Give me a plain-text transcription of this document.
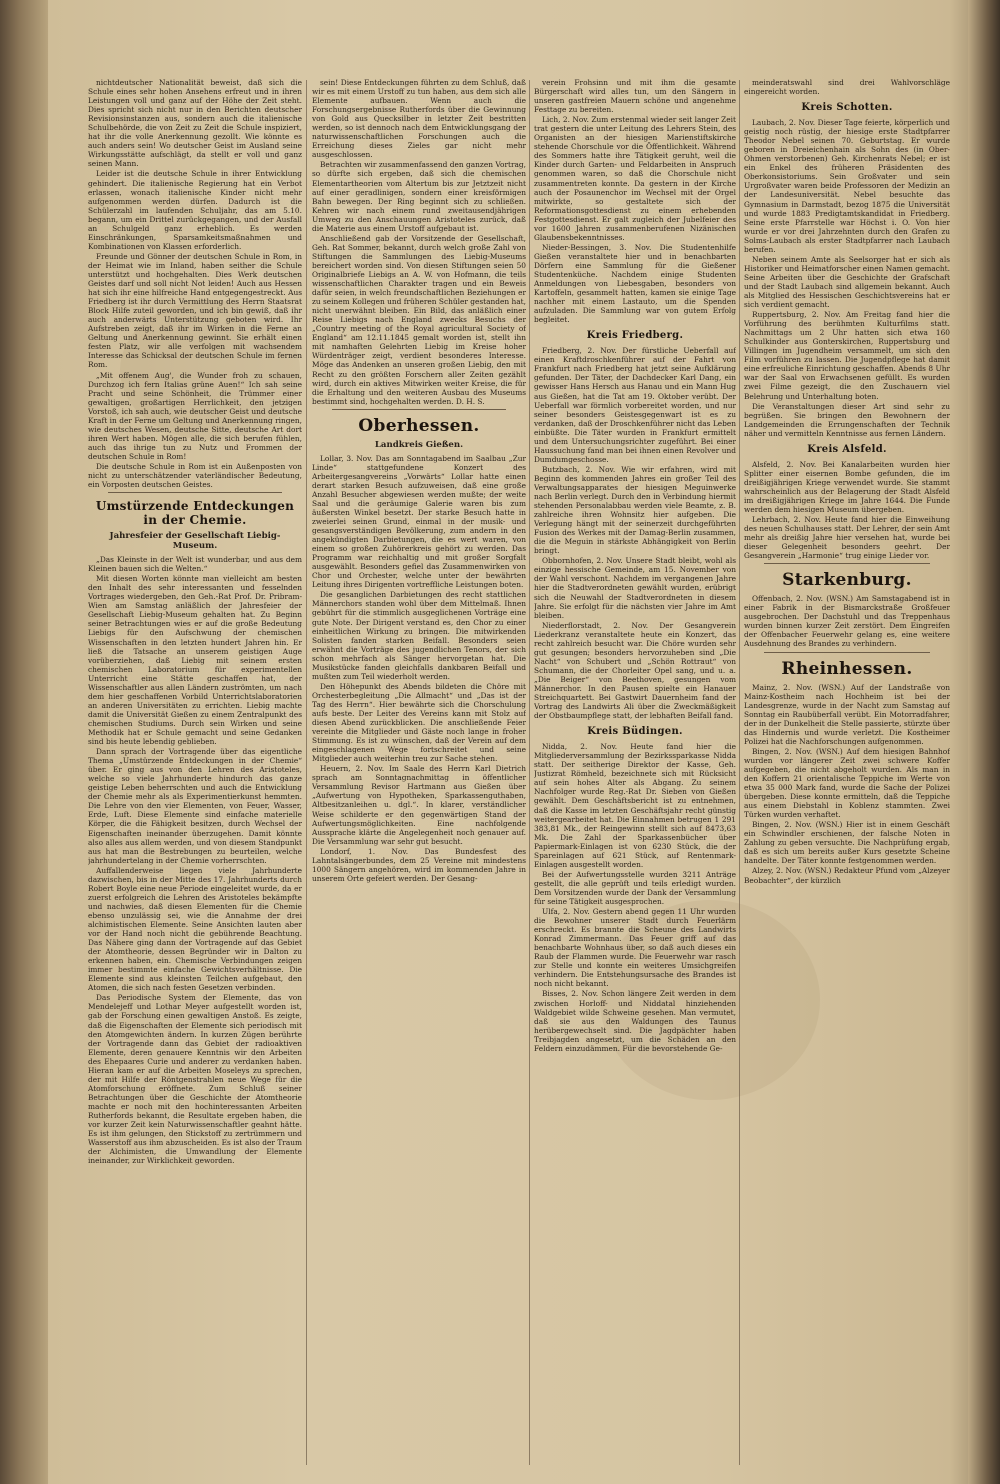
nichtdeutscher Nationalität beweist, daß sich die Schule eines sehr hohen Ansehens erfreut und in ihren Leistungen voll und ganz auf der Höhe der Zeit steht. Dies spricht sich nicht nur in den Berichten deutscher Revisionsinstanzen aus, sondern auch die italienische Schulbehörde, die von Zeit zu Zeit die Schule inspiziert, hat ihr die volle Anerkennung gezollt. Wie könnte es auch anders sein! Wo deutscher Geist im Ausland seine Wirkungsstätte aufschlägt, da stellt er voll und ganz seinen Mann.

Leider ist die deutsche Schule in ihrer Entwicklung gehindert. Die italienische Regierung hat ein Verbot erlassen, wonach italienische Kinder nicht mehr aufgenommen werden dürfen. Dadurch ist die Schülerzahl im laufenden Schuljahr, das am 5.10. begann, um ein Drittel zurückgegangen, und der Ausfall an Schulgeld ganz erheblich. Es werden Einschränkungen, Sparsamkeitsmaßnahmen und Kombinationen von Klassen erforderlich.

Freunde und Gönner der deutschen Schule in Rom, in der Heimat wie im Inland, haben seither die Schule unterstützt und hochgehalten. Dies Werk deutschen Geistes darf und soll nicht Not leiden! Auch aus Hessen hat sich ihr eine hilfreiche Hand entgegengestreckt. Aus Friedberg ist ihr durch Vermittlung des Herrn Staatsrat Block Hilfe zuteil geworden, und ich bin gewiß, daß ihr auch anderwärts Unterstützung geboten wird. Ihr Aufstreben zeigt, daß ihr im Wirken in die Ferne an Geltung und Anerkennung gewinnt. Sie erhält einen festen Platz, wir alle verfolgen mit wachsendem Interesse das Schicksal der deutschen Schule im fernen Rom.

„Mit offenem Aug', die Wunder froh zu schauen, Durchzog ich fern Italias grüne Auen!“ Ich sah seine Pracht und seine Schönheit, die Trümmer einer gewaltigen, großartigen Herrlichkeit, den jetzigen Vorstoß, ich sah auch, wie deutscher Geist und deutsche Kraft in der Ferne um Geltung und Anerkennung ringen, wie deutsches Wesen, deutsche Sitte, deutsche Art dort ihren Wert haben. Mögen alle, die sich berufen fühlen, auch das ihrige tun zu Nutz und Frommen der deutschen Schule in Rom!

Die deutsche Schule in Rom ist ein Außenposten von nicht zu unterschätzender vaterländischer Bedeutung, ein Vorposten deutschen Geistes.

Umstürzende Entdeckungen in der Chemie.
Jahresfeier der Gesellschaft Liebig-Museum.

„Das Kleinste in der Welt ist wunderbar, und aus dem Kleinen bauen sich die Welten.“

Mit diesen Worten könnte man vielleicht am besten den Inhalt des sehr interessanten und fesselnden Vortrages wiedergeben, den Geh.-Rat Prof. Dr. Pribram-Wien am Samstag anläßlich der Jahresfeier der Gesellschaft Liebig-Museum gehalten hat. Zu Beginn seiner Betrachtungen wies er auf die große Bedeutung Liebigs für den Aufschwung der chemischen Wissenschaften in den letzten hundert Jahren hin. Er ließ die Tatsache an unserem geistigen Auge vorüberziehen, daß Liebig mit seinem ersten chemischen Laboratorium für experimentellen Unterricht eine Stätte geschaffen hat, der Wissenschaftler aus allen Ländern zuströmten, um nach dem hier geschaffenen Vorbild Unterrichtslaboratorien an anderen Universitäten zu errichten. Liebig machte damit die Universität Gießen zu einem Zentralpunkt des chemischen Studiums. Durch sein Wirken und seine Methodik hat er Schule gemacht und seine Gedanken sind bis heute lebendig geblieben.

Dann sprach der Vortragende über das eigentliche Thema „Umstürzende Entdeckungen in der Chemie“ über. Er ging aus von den Lehren des Aristoteles, welche so viele Jahrhunderte hindurch das ganze geistige Leben beherrschten und auch die Entwicklung der Chemie mehr als als Experimentierkunst hemmten. Die Lehre von den vier Elementen, von Feuer, Wasser, Erde, Luft. Diese Elemente sind einfache materielle Körper, die die Fähigkeit besitzen, durch Wechsel der Eigenschaften ineinander überzugehen. Damit könnte also alles aus allem werden, und von diesem Standpunkt aus hat man die Bestrebungen zu beurteilen, welche jahrhundertelang in der Chemie vorherrschten.

Auffallenderweise liegen viele Jahrhunderte dazwischen, bis in der Mitte des 17. Jahrhunderts durch Robert Boyle eine neue Periode eingeleitet wurde, da er zuerst erfolgreich die Lehren des Aristoteles bekämpfte und nachwies, daß diesen Elementen für die Chemie ebenso unzulässig sei, wie die Annahme der drei alchimistischen Elemente. Seine Ansichten lauten aber vor der Hand noch nicht die gebührende Beachtung. Das Nähere ging dann der Vortragende auf das Gebiet der Atomtheorie, dessen Begründer wir in Dalton zu erkennen haben, ein. Chemische Verbindungen zeigen immer bestimmte einfache Gewichtsverhältnisse. Die Elemente sind aus kleinsten Teilchen aufgebaut, den Atomen, die sich nach festen Gesetzen verbinden.

Das Periodische System der Elemente, das von Mendelejeff und Lothar Meyer aufgestellt worden ist, gab der Forschung einen gewaltigen Anstoß. Es zeigte, daß die Eigenschaften der Elemente sich periodisch mit den Atomgewichten ändern. In kurzen Zügen berührte der Vortragende dann das Gebiet der radioaktiven Elemente, deren genauere Kenntnis wir den Arbeiten des Ehepaares Curie und anderer zu verdanken haben. Hieran kam er auf die Arbeiten Moseleys zu sprechen, der mit Hilfe der Röntgenstrahlen neue Wege für die Atomforschung eröffnete. Zum Schluß seiner Betrachtungen über die Geschichte der Atomtheorie machte er noch mit den hochinteressanten Arbeiten Rutherfords bekannt, die Resultate ergeben haben, die vor kurzer Zeit kein Naturwissenschaftler geahnt hätte. Es ist ihm gelungen, den Stickstoff zu zertrümmern und Wasserstoff aus ihm abzuscheiden. Es ist also der Traum der Alchimisten, die Umwandlung der Elemente ineinander, zur Wirklichkeit geworden.

sein! Diese Entdeckungen führten zu dem Schluß, daß wir es mit einem Urstoff zu tun haben, aus dem sich alle Elemente aufbauen. Wenn auch die Forschungsergebnisse Rutherfords über die Gewinnung von Gold aus Quecksilber in letzter Zeit bestritten werden, so ist dennoch nach dem Entwicklungsgang der naturwissenschaftlichen Forschungen auch die Erreichung dieses Zieles gar nicht mehr ausgeschlossen.

Betrachten wir zusammenfassend den ganzen Vortrag, so dürfte sich ergeben, daß sich die chemischen Elementartheorien vom Altertum bis zur Jetztzeit nicht auf einer geradlinigen, sondern einer kreisförmigen Bahn bewegen. Der Ring beginnt sich zu schließen. Kehren wir nach einem rund zweitausendjährigen Umweg zu den Anschauungen Aristoteles zurück, daß die Materie aus einem Urstoff aufgebaut ist.

Anschließend gab der Vorsitzende der Gesellschaft, Geh. Rat Sommer, bekannt, durch welch große Zahl von Stiftungen die Sammlungen des Liebig-Museums bereichert worden sind. Von diesen Stiftungen seien 50 Originalbriefe Liebigs an A. W. von Hofmann, die teils wissenschaftlichen Charakter tragen und ein Beweis dafür seien, in welch freundschaftlichen Beziehungen er zu seinem Kollegen und früheren Schüler gestanden hat, nicht unerwähnt bleiben. Ein Bild, das anläßlich einer Reise Liebigs nach England zwecks Besuchs der „Country meeting of the Royal agricultural Society of England“ am 12.11.1845 gemalt worden ist, stellt ihn mit namhaften Gelehrten Liebig im Kreise hoher Würdenträger zeigt, verdient besonderes Interesse. Möge das Andenken an unseren großen Liebig, den mit Recht zu den größten Forschern aller Zeiten gezählt wird, durch ein aktives Mitwirken weiter Kreise, die für die Erhaltung und den weiteren Ausbau des Museums bestimmt sind, hochgehalten werden. D. H. S.

Oberhessen.
Landkreis Gießen.

Lollar, 3. Nov. Das am Sonntagabend im Saalbau „Zur Linde“ stattgefundene Konzert des Arbeitergesangvereins „Vorwärts“ Lollar hatte einen derart starken Besuch aufzuweisen, daß eine große Anzahl Besucher abgewiesen werden mußte; der weite Saal und die geräumige Galerie waren bis zum äußersten Winkel besetzt. Der starke Besuch hatte in zweierlei seinen Grund, einmal in der musik- und gesangsverständigen Bevölkerung, zum andern in den angekündigten Darbietungen, die es wert waren, von einem so großen Zuhörerkreis gehört zu werden. Das Programm war reichhaltig und mit großer Sorgfalt ausgewählt. Besonders gefiel das Zusammenwirken von Chor und Orchester, welche unter der bewährten Leitung ihres Dirigenten vortreffliche Leistungen boten.

Die gesanglichen Darbietungen des recht stattlichen Männerchors standen wohl über dem Mittelmaß. Ihnen gebührt für die stimmlich ausgeglichenen Vorträge eine gute Note. Der Dirigent verstand es, den Chor zu einer einheitlichen Wirkung zu bringen. Die mitwirkenden Solisten fanden starken Beifall. Besonders seien erwähnt die Vorträge des jugendlichen Tenors, der sich schon mehrfach als Sänger hervorgetan hat. Die Musikstücke fanden gleichfalls dankbaren Beifall und mußten zum Teil wiederholt werden.

Den Höhepunkt des Abends bildeten die Chöre mit Orchesterbegleitung „Die Allmacht“ und „Das ist der Tag des Herrn“. Hier bewährte sich die Chorschulung aufs beste. Der Leiter des Vereins kann mit Stolz auf diesen Abend zurückblicken. Die anschließende Feier vereinte die Mitglieder und Gäste noch lange in froher Stimmung. Es ist zu wünschen, daß der Verein auf dem eingeschlagenen Wege fortschreitet und seine Mitglieder auch weiterhin treu zur Sache stehen.

Heuern, 2. Nov. Im Saale des Herrn Karl Dietrich sprach am Sonntagnachmittag in öffentlicher Versammlung Revisor Hartmann aus Gießen über „Aufwertung von Hypotheken, Sparkassenguthaben, Altbesitzanleihen u. dgl.“. In klarer, verständlicher Weise schilderte er den gegenwärtigen Stand der Aufwertungsmöglichkeiten. Eine nachfolgende Aussprache klärte die Angelegenheit noch genauer auf. Die Versammlung war sehr gut besucht.

Londorf, 1. Nov. Das Bundesfest des Lahntalsängerbundes, dem 25 Vereine mit mindestens 1000 Sängern angehören, wird im kommenden Jahre in unserem Orte gefeiert werden. Der Gesang-

verein Frohsinn und mit ihm die gesamte Bürgerschaft wird alles tun, um den Sängern in unseren gastfreien Mauern schöne und angenehme Festtage zu bereiten.

Lich, 2. Nov. Zum erstenmal wieder seit langer Zeit trat gestern die unter Leitung des Lehrers Stein, des Organisten an der hiesigen Marienstiftskirche stehende Chorschule vor die Öffentlichkeit. Während des Sommers hatte ihre Tätigkeit geruht, weil die Kinder durch Garten- und Feldarbeiten in Anspruch genommen waren, so daß die Chorschule nicht zusammentreten konnte. Da gestern in der Kirche auch der Posaunenchor im Wechsel mit der Orgel mitwirkte, so gestaltete sich der Reformationsgottesdienst zu einem erhebenden Festgottesdienst. Er galt zugleich der Jubelfeier des vor 1600 Jahren zusammenberufenen Nizänischen Glaubensbekenntnisses.

Nieder-Bessingen, 3. Nov. Die Studentenhilfe Gießen veranstaltete hier und in benachbarten Dörfern eine Sammlung für die Gießener Studentenküche. Nachdem einige Studenten Anmeldungen von Liebesgaben, besonders von Kartoffeln, gesammelt hatten, kamen sie einige Tage nachher mit einem Lastauto, um die Spenden aufzuladen. Die Sammlung war von gutem Erfolg begleitet.

Kreis Friedberg.

Friedberg, 2. Nov. Der fürstliche Ueberfall auf einen Kraftdroschkenführer auf der Fahrt von Frankfurt nach Friedberg hat jetzt seine Aufklärung gefunden. Der Täter, der Dachdecker Karl Dang, ein gewisser Hans Hersch aus Hanau und ein Mann Hug aus Gießen, hat die Tat am 19. Oktober verübt. Der Ueberfall war förmlich vorbereitet worden, und nur seiner besonders Geistesgegenwart ist es zu verdanken, daß der Droschkenführer nicht das Leben einbüßte. Die Täter wurden in Frankfurt ermittelt und dem Untersuchungsrichter zugeführt. Bei einer Haussuchung fand man bei ihnen einen Revolver und Dumdumgeschosse.

Butzbach, 2. Nov. Wie wir erfahren, wird mit Beginn des kommenden Jahres ein großer Teil des Verwaltungsapparates der hiesigen Meguinwerke nach Berlin verlegt. Durch den in Verbindung hiermit stehenden Personalabbau werden viele Beamte, z. B. zahlreiche ihren Wohnsitz hier aufgeben. Die Verlegung hängt mit der seinerzeit durchgeführten Fusion des Werkes mit der Damag-Berlin zusammen, die die Meguin in stärkste Abhängigkeit von Berlin bringt.

Obbornhofen, 2. Nov. Unsere Stadt bleibt, wohl als einzige hessische Gemeinde, am 15. November von der Wahl verschont. Nachdem im vergangenen Jahre hier die Stadtverordneten gewählt wurden, erübrigt sich die Neuwahl der Stadtverordneten in diesem Jahre. Sie erfolgt für die nächsten vier Jahre im Amt bleiben.

Niederflorstadt, 2. Nov. Der Gesangverein Liederkranz veranstaltete heute ein Konzert, das recht zahlreich besucht war. Die Chöre wurden sehr gut gesungen; besonders hervorzuheben sind „Die Nacht“ von Schubert und „Schön Rottraut“ von Schumann, die der Chorleiter Opel sang, und u. a. „Die Beiger“ von Beethoven, gesungen vom Männerchor. In den Pausen spielte ein Hanauer Streichquartett. Bei Gastwirt Dauernheim fand der Vortrag des Landwirts Ali über die Zweckmäßigkeit der Obstbaumpflege statt, der lebhaften Beifall fand.

Kreis Büdingen.

Nidda, 2. Nov. Heute fand hier die Mitgliederversammlung der Bezirkssparkasse Nidda statt. Der seitherige Direktor der Kasse, Geh. Justizrat Römheld, bezeichnete sich mit Rücksicht auf sein hohes Alter als Abgang. Zu seinem Nachfolger wurde Reg.-Rat Dr. Sieben von Gießen gewählt. Dem Geschäftsbericht ist zu entnehmen, daß die Kasse im letzten Geschäftsjahr recht günstig weitergearbeitet hat. Die Einnahmen betrugen 1 291 383,81 Mk., der Reingewinn stellt sich auf 8473,63 Mk. Die Zahl der Sparkassenbücher über Papiermark-Einlagen ist von 6230 Stück, die der Spareinlagen auf 621 Stück, auf Rentenmark-Einlagen ausgestellt worden.

Bei der Aufwertungsstelle wurden 3211 Anträge gestellt, die alle geprüft und teils erledigt wurden. Dem Vorsitzenden wurde der Dank der Versammlung für seine Tätigkeit ausgesprochen.

Ulfa, 2. Nov. Gestern abend gegen 11 Uhr wurden die Bewohner unserer Stadt durch Feuerlärm erschreckt. Es brannte die Scheune des Landwirts Konrad Zimmermann. Das Feuer griff auf das benachbarte Wohnhaus über, so daß auch dieses ein Raub der Flammen wurde. Die Feuerwehr war rasch zur Stelle und konnte ein weiteres Umsichgreifen verhindern. Die Entstehungsursache des Brandes ist noch nicht bekannt.

Bisses, 2. Nov. Schon längere Zeit werden in dem zwischen Horloff- und Niddatal hinziehenden Waldgebiet wilde Schweine gesehen. Man vermutet, daß sie aus den Waldungen des Taunus herübergewechselt sind. Die Jagdpächter haben Treibjagden angesetzt, um die Schäden an den Feldern einzudämmen. Für die bevorstehende Ge-

meinderatswahl sind drei Wahlvorschläge eingereicht worden.

Kreis Schotten.

Laubach, 2. Nov. Dieser Tage feierte, körperlich und geistig noch rüstig, der hiesige erste Stadtpfarrer Theodor Nebel seinen 70. Geburtstag. Er wurde geboren in Dreieichenhain als Sohn des (in Ober-Ohmen verstorbenen) Geh. Kirchenrats Nebel; er ist ein Enkel des früheren Präsidenten des Oberkonsistoriums. Sein Großvater und sein Urgroßvater waren beide Professoren der Medizin an der Landesuniversität. Nebel besuchte das Gymnasium in Darmstadt, bezog 1875 die Universität und wurde 1883 Predigtamtskandidat in Friedberg. Seine erste Pfarrstelle war Höchst i. O. Von hier wurde er vor drei Jahrzehnten durch den Grafen zu Solms-Laubach als erster Stadtpfarrer nach Laubach berufen.

Neben seinem Amte als Seelsorger hat er sich als Historiker und Heimatforscher einen Namen gemacht. Seine Arbeiten über die Geschichte der Grafschaft und der Stadt Laubach sind allgemein bekannt. Auch als Mitglied des Hessischen Geschichtsvereins hat er sich verdient gemacht.

Ruppertsburg, 2. Nov. Am Freitag fand hier die Vorführung des berühmten Kulturfilms statt. Nachmittags um 2 Uhr hatten sich etwa 160 Schulkinder aus Gonterskirchen, Ruppertsburg und Villingen im Jugendheim versammelt, um sich den Film vorführen zu lassen. Die Jugendpflege hat damit eine erfreuliche Einrichtung geschaffen. Abends 8 Uhr war der Saal von Erwachsenen gefüllt. Es wurden zwei Filme gezeigt, die den Zuschauern viel Belehrung und Unterhaltung boten.

Die Veranstaltungen dieser Art sind sehr zu begrüßen. Sie bringen den Bewohnern der Landgemeinden die Errungenschaften der Technik näher und vermitteln Kenntnisse aus fernen Ländern.

Kreis Alsfeld.

Alsfeld, 2. Nov. Bei Kanalarbeiten wurden hier Splitter einer eisernen Bombe gefunden, die im dreißigjährigen Kriege verwendet wurde. Sie stammt wahrscheinlich aus der Belagerung der Stadt Alsfeld im dreißigjährigen Kriege im Jahre 1644. Die Funde werden dem hiesigen Museum übergeben.

Lehrbach, 2. Nov. Heute fand hier die Einweihung des neuen Schulhauses statt. Der Lehrer, der sein Amt mehr als dreißig Jahre hier versehen hat, wurde bei dieser Gelegenheit besonders geehrt. Der Gesangverein „Harmonie“ trug einige Lieder vor.

Starkenburg.

Offenbach, 2. Nov. (WSN.) Am Samstagabend ist in einer Fabrik in der Bismarckstraße Großfeuer ausgebrochen. Der Dachstuhl und das Treppenhaus wurden binnen kurzer Zeit zerstört. Dem Eingreifen der Offenbacher Feuerwehr gelang es, eine weitere Ausdehnung des Brandes zu verhindern.

Rheinhessen.

Mainz, 2. Nov. (WSN.) Auf der Landstraße von Mainz-Kostheim nach Hochheim ist bei der Landesgrenze, wurde in der Nacht zum Samstag auf Sonntag ein Raubüberfall verübt. Ein Motorradfahrer, der in der Dunkelheit die Stelle passierte, stürzte über das Hindernis und wurde verletzt. Die Kostheimer Polizei hat die Nachforschungen aufgenommen.

Bingen, 2. Nov. (WSN.) Auf dem hiesigen Bahnhof wurden vor längerer Zeit zwei schwere Koffer aufgegeben, die nicht abgeholt wurden. Als man in den Koffern 21 orientalische Teppiche im Werte von etwa 35 000 Mark fand, wurde die Sache der Polizei übergeben. Diese konnte ermitteln, daß die Teppiche aus einem Diebstahl in Koblenz stammten. Zwei Türken wurden verhaftet.

Bingen, 2. Nov. (WSN.) Hier ist in einem Geschäft ein Schwindler erschienen, der falsche Noten in Zahlung zu geben versuchte. Die Nachprüfung ergab, daß es sich um bereits außer Kurs gesetzte Scheine handelte. Der Täter konnte festgenommen werden.

Alzey, 2. Nov. (WSN.) Redakteur Pfund vom „Alzeyer Beobachter“, der kürzlich
